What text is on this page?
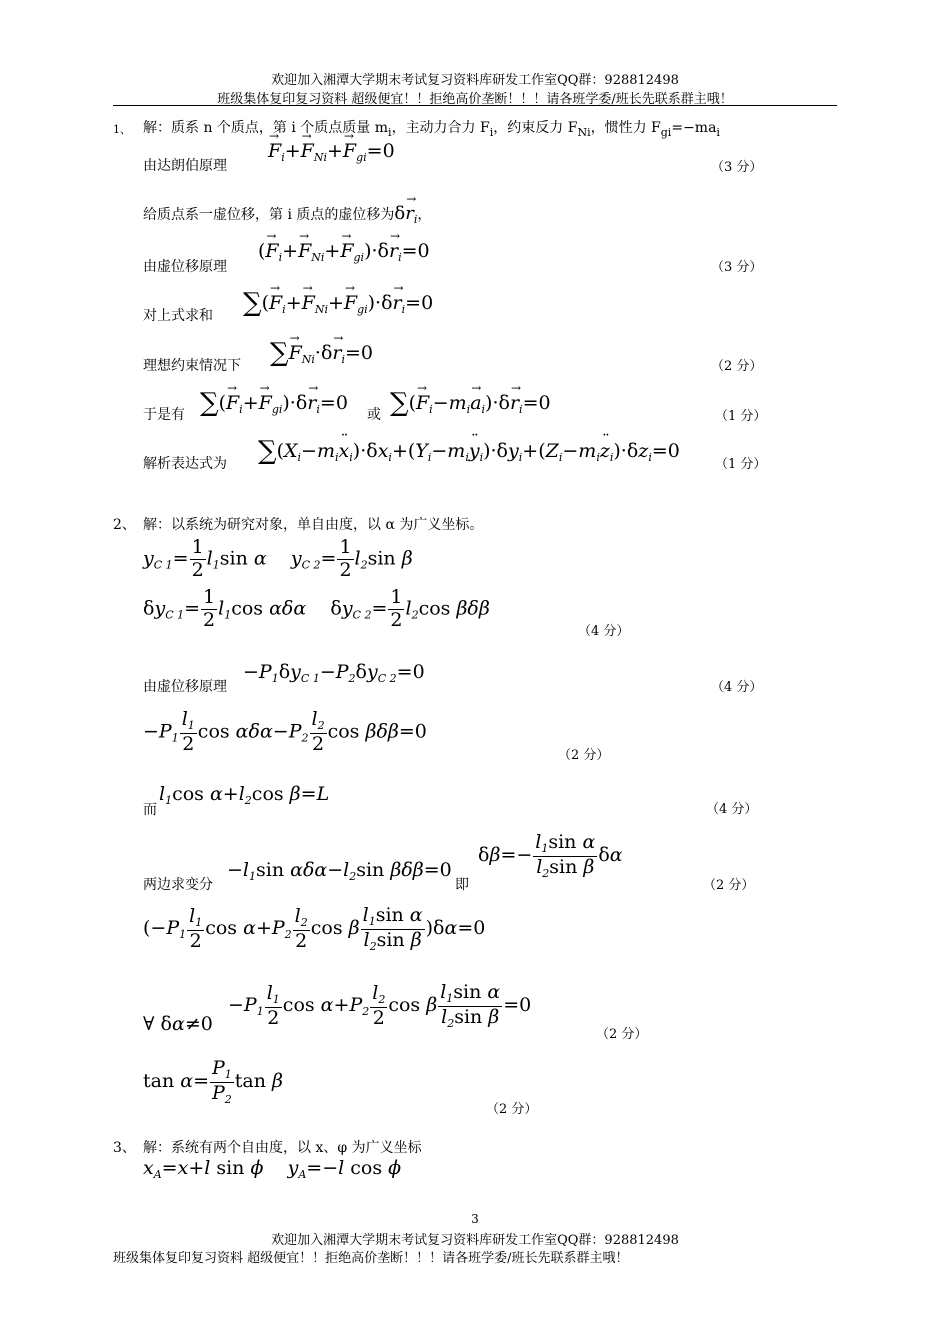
欢迎加入湘潭大学期末考试复习资料库研发工作室QQ群：928812498
班级集体复印复习资料 超级便宜！！拒绝高价垄断！！！请各班学委/班长先联系群主哦！
1、 解：质系 n 个质点，第 i 个质点质量 $m_i$，主动力合力 $F_i$，约束反力 $F_{Ni}$，惯性力 $F_{gi}=-ma_i$
由达朗伯原理
→ $F_i+\to F_{Ni}+\to F_{gi}=0$
（3 分）
给质点系一虚位移，第 i 质点的虚位移为$\delta\to r_i$，
由虚位移原理
(→ $F_i+\to F_{Ni}+\to F_{gi})\cdot\delta\to r_i=0$
（3 分）
对上式求和 ∑(→ $F_i+\to F_{Ni}+\to F_{gi})\cdot\delta\to r_i=0$
理想约束情况下 ∑→ $F_{Ni}\cdot\delta\to r_i=0$
（2 分）
于是有 ∑(→ $F_i+\to F_{gi})\cdot\delta\to r_i=0$
或 ∑(→ $F_i-m_i\to a_i)\cdot\delta\to r_i=0$
（1 分）
解析表达式为 $\sum(X_i-m_i¨$ $x_i)\cdot\delta x_i+(Y_i-m_i¨$ $y_i)\cdot\delta y_i+(Z_i-m_i¨$ $z_i)\cdot\delta z_i=0$
（1 分）
2、 解：以系统为研究对象，单自由度，以 α 为广义坐标。
$y_{C 1}= \frac{1}{2} l_1\sin$ α    $y_{C 2}= \frac{1}{2} l_2\sin$ β
$\delta y_{C 1}= \frac{1}{2} l_1\cos$ αδα    $\delta y_{C 2}= \frac{1}{2} l_2\cos$ βδβ
（4 分）
由虚位移原理
$-P_1\delta y_{C 1}-P_2\delta y_{C 2}=0$
（4 分）
$-P_1 \frac{l_1}{2}$ $\cos \alpha\delta\alpha-P_2 \frac{l_2}{2}$ cos βδβ=0
（2 分）
而
$l_1\cos$ $\alpha+l_2\cos$ β=L
（4 分）
两边求变分
$-l_1\sin$ $\alpha\delta\alpha-l_2\sin$ βδβ=0
即
$\delta\beta=- \frac{l_1\sin \alpha}{l_2\sin \beta}$ δα
（2 分）
($-P_1 \frac{l_1}{2}$ $\cos \alpha+P_2 \frac{l_2}{2}$ cos β $\frac{l_1\sin \alpha}{l_2\sin \beta} )\delta\alpha=0$
∀ δα≠0
$-P_1 \frac{l_1}{2}$ $\cos \alpha+P_2 \frac{l_2}{2}$ cos β $\frac{l_1\sin \alpha}{l_2\sin \beta} =0$
（2 分）
$\tan \alpha= \frac{P_1}{P_2}$ tan β
（2 分）
3、 解：系统有两个自由度，以 x、φ 为广义坐标
$x_A=x+l$ sin ϕ    $y_A=-l$ cos ϕ
3
欢迎加入湘潭大学期末考试复习资料库研发工作室QQ群：928812498
班级集体复印复习资料 超级便宜！！拒绝高价垄断！！！请各班学委/班长先联系群主哦！
